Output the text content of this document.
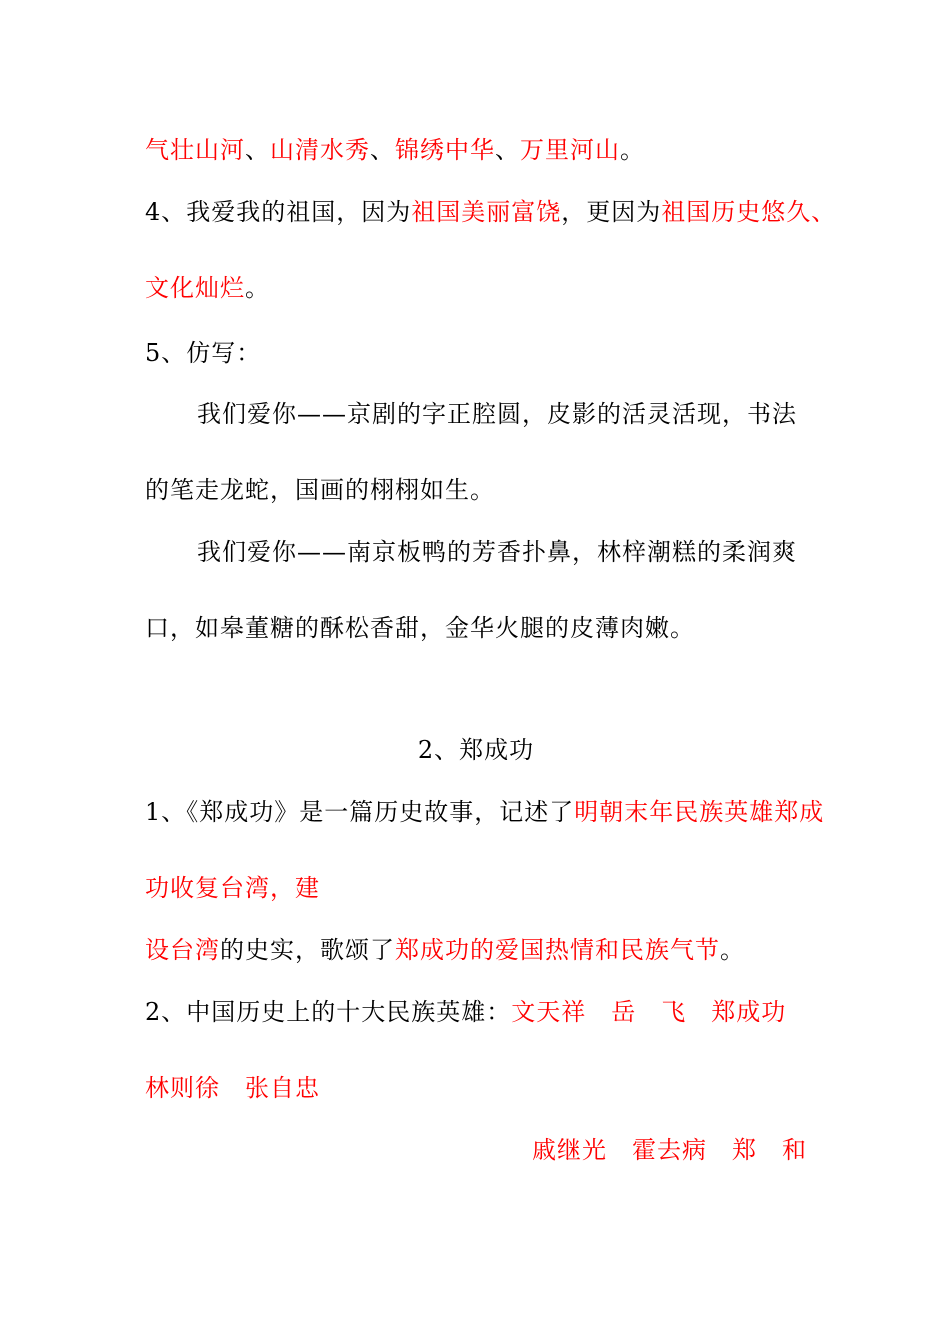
气壮山河、山清水秀、锦绣中华、万里河山。
4、我爱我的祖国，因为祖国美丽富饶，更因为祖国历史悠久、
文化灿烂。
5、仿写：
我们爱你——京剧的字正腔圆，皮影的活灵活现，书法
的笔走龙蛇，国画的栩栩如生。
我们爱你——南京板鸭的芳香扑鼻，林梓潮糕的柔润爽
口，如皋董糖的酥松香甜，金华火腿的皮薄肉嫩。
2、郑成功
1、《郑成功》是一篇历史故事，记述了明朝末年民族英雄郑成
功收复台湾，建
设台湾的史实，歌颂了郑成功的爱国热情和民族气节。
2、中国历史上的十大民族英雄：文天祥　岳　飞　郑成功
林则徐　张自忠
戚继光　霍去病　郑　和
